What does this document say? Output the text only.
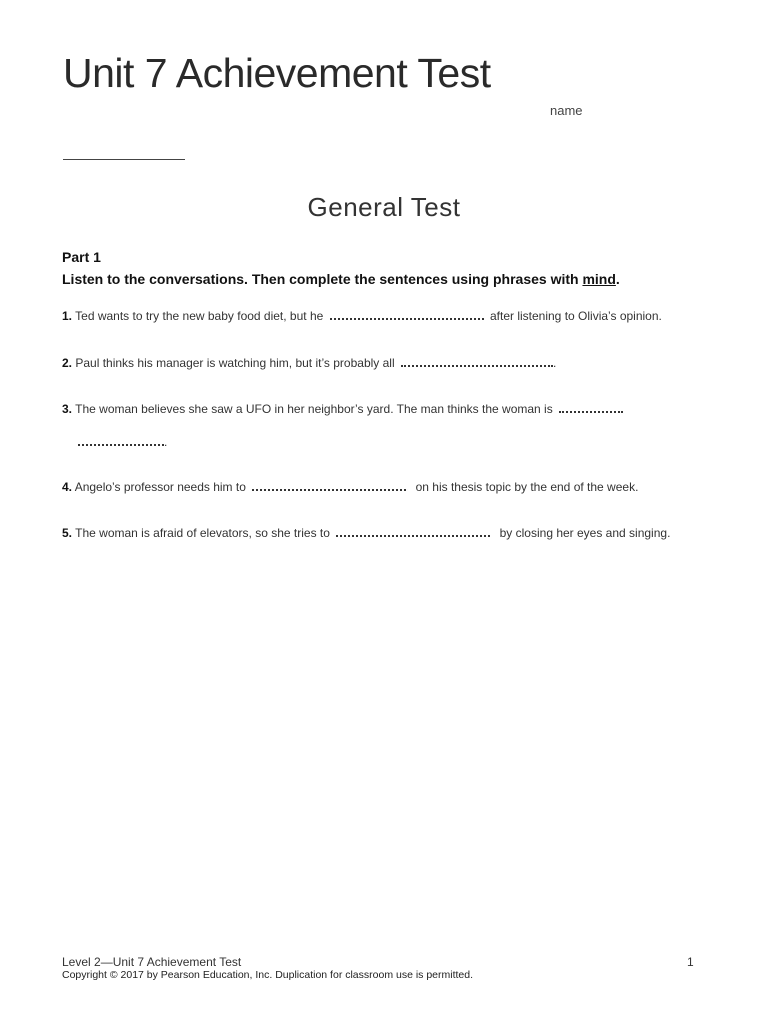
Unit 7 Achievement Test
name
General Test
Part 1
Listen to the conversations. Then complete the sentences using phrases with mind.
1. Ted wants to try the new baby food diet, but he	after listening to Olivia’s opinion.
2. Paul thinks his manager is watching him, but it’s probably all	.
3. The woman believes she saw a UFO in her neighbor’s yard. The man thinks the woman is
.
4. Angelo’s professor needs him to	on his thesis topic by the end of the week.
5. The woman is afraid of elevators, so she tries to	by closing her eyes and singing.
Level 2—Unit 7 Achievement Test
Copyright © 2017 by Pearson Education, Inc. Duplication for classroom use is permitted.
1
